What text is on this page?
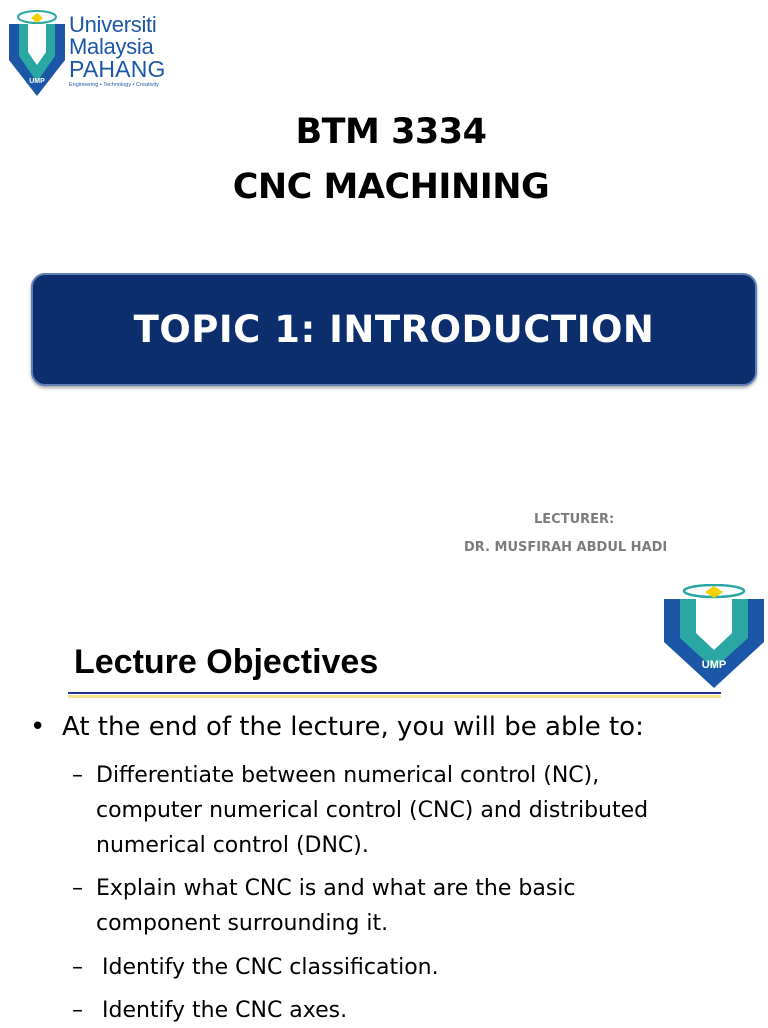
UMP
Universiti
Malaysia
PAHANG
Engineering • Technology • Creativity
BTM 3334
CNC MACHINING
TOPIC 1: INTRODUCTION
LECTURER:
DR. MUSFIRAH ABDUL HADI
UMP
Lecture Objectives
• At the end of the lecture, you will be able to:
– Differentiate between numerical control (NC),
computer numerical control (CNC) and distributed
numerical control (DNC).
– Explain what CNC is and what are the basic
component surrounding it.
– Identify the CNC classification.
– Identify the CNC axes.
